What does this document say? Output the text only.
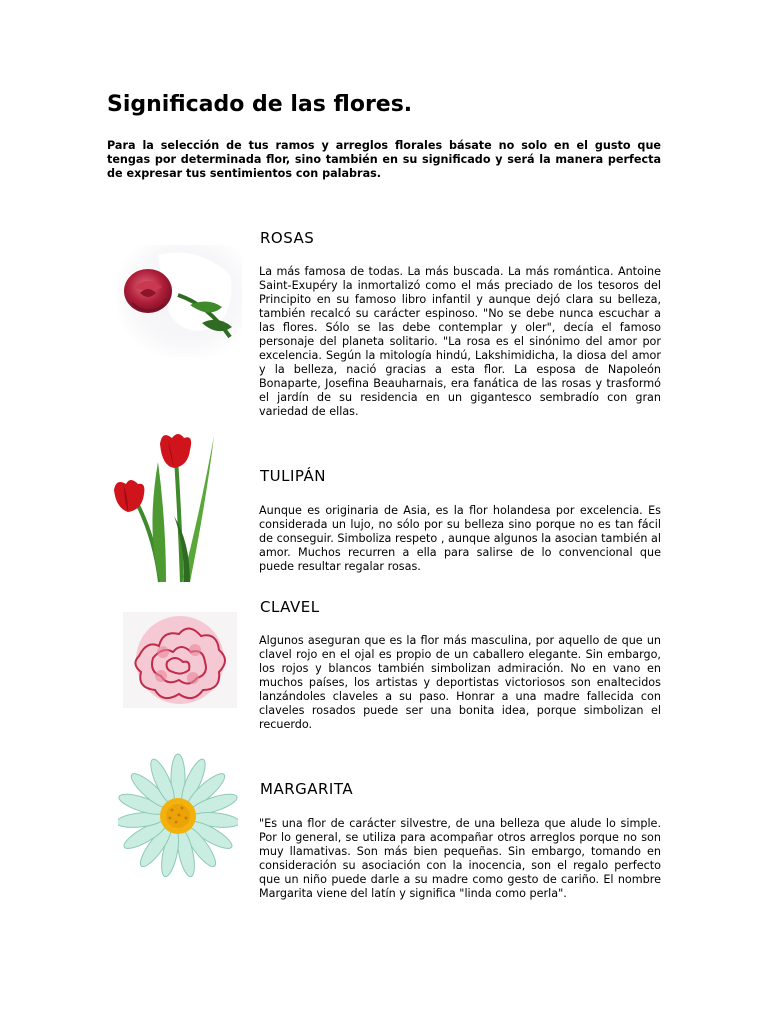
Significado de las flores.

Para la selección de tus ramos y arreglos florales básate no solo en el gusto que tengas por determinada flor, sino también en su significado y será la manera perfecta de expresar tus sentimientos con palabras.

ROSAS

La más famosa de todas. La más buscada. La más romántica. Antoine Saint-Exupéry la inmortalizó como el más preciado de los tesoros del Principito en su famoso libro infantil y aunque dejó clara su belleza, también recalcó su carácter espinoso. "No se debe nunca escuchar a las flores. Sólo se las debe contemplar y oler", decía el famoso personaje del planeta solitario. "La rosa es el sinónimo del amor por excelencia. Según la mitología hindú, Lakshimidicha, la diosa del amor y la belleza, nació gracias a esta flor. La esposa de Napoleón Bonaparte, Josefina Beauharnais, era fanática de las rosas y trasformó el jardín de su residencia en un gigantesco sembradío con gran variedad de ellas.

TULIPÁN

Aunque es originaria de Asia, es la flor holandesa por excelencia. Es considerada un lujo, no sólo por su belleza sino porque no es tan fácil de conseguir. Simboliza respeto , aunque algunos la asocian también al amor. Muchos recurren a ella para salirse de lo convencional que puede resultar regalar rosas.

CLAVEL

Algunos aseguran que es la flor más masculina, por aquello de que un clavel rojo en el ojal es propio de un caballero elegante. Sin embargo, los rojos y blancos también simbolizan admiración. No en vano en muchos países, los artistas y deportistas victoriosos son enaltecidos lanzándoles claveles a su paso. Honrar a una madre fallecida con claveles rosados puede ser una bonita idea, porque simbolizan el recuerdo.

MARGARITA

"Es una flor de carácter silvestre, de una belleza que alude lo simple. Por lo general, se utiliza para acompañar otros arreglos porque no son muy llamativas. Son más bien pequeñas. Sin embargo, tomando en consideración su asociación con la inocencia, son el regalo perfecto que un niño puede darle a su madre como gesto de cariño. El nombre Margarita viene del latín y significa "linda como perla".
